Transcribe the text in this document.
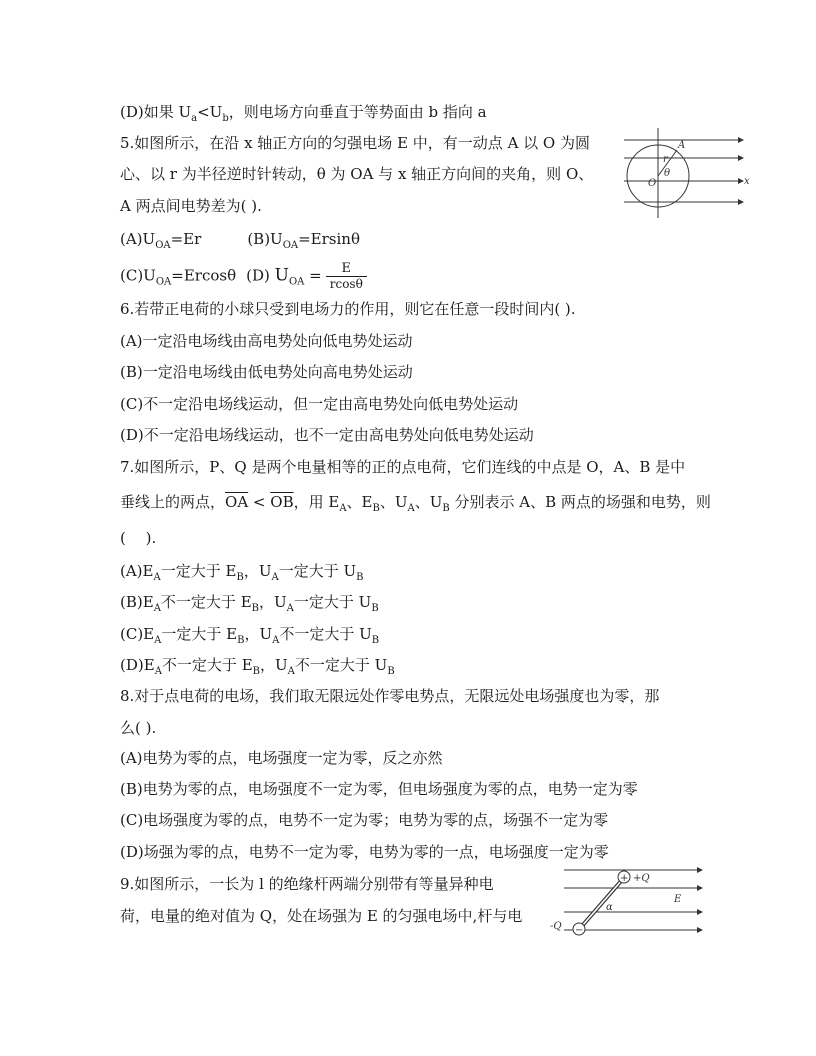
(D)如果 $U_a<U_b$，则电场方向垂直于等势面由 b 指向 a
5.如图所示，在沿 x 轴正方向的匀强电场 E 中，有一动点 A 以 O 为圆
心、以 r 为半径逆时针转动，θ 为 OA 与 x 轴正方向间的夹角，则 O、
A 两点间电势差为( ).
$(A)U_{OA}=Er$	$(B)U_{OA}=Ersin\theta$
$(C)U_{OA}=Ercos\theta$ (D) $U_{OA} = \frac{E}{rcos\theta}$
6.若带正电荷的小球只受到电场力的作用，则它在任意一段时间内( ).
(A)一定沿电场线由高电势处向低电势处运动
(B)一定沿电场线由低电势处向高电势处运动
(C)不一定沿电场线运动，但一定由高电势处向低电势处运动
(D)不一定沿电场线运动，也不一定由高电势处向低电势处运动
7.如图所示，P、Q 是两个电量相等的正的点电荷，它们连线的中点是 O，A、B 是中
垂线上的两点，$\overline{OA} < \overline{OB}$，用 $E_A$、$E_B$、$U_A$、$U_B$ 分别表示 A、B 两点的场强和电势，则
(　 ).
$(A)E_A$一定大于 $E_B$，$U_A$一定大于 $U_B$
$(B)E_A$不一定大于 $E_B$，$U_A$一定大于 $U_B$
$(C)E_A$一定大于 $E_B$，$U_A$不一定大于 $U_B$
$(D)E_A$不一定大于 $E_B$，$U_A$不一定大于 $U_B$
8.对于点电荷的电场，我们取无限远处作零电势点，无限远处电场强度也为零，那
么( ).
(A)电势为零的点，电场强度一定为零，反之亦然
(B)电势为零的点，电场强度不一定为零，但电场强度为零的点，电势一定为零
(C)电场强度为零的点，电势不一定为零；电势为零的点，场强不一定为零
(D)场强为零的点，电势不一定为零，电势为零的一点，电场强度一定为零
9.如图所示，一长为 l 的绝缘杆两端分别带有等量异种电
荷，电量的绝对值为 Q，处在场强为 E 的匀强电场中,杆与电
A
r
θ
O	x
+
−
+Q
-Q
α
E
